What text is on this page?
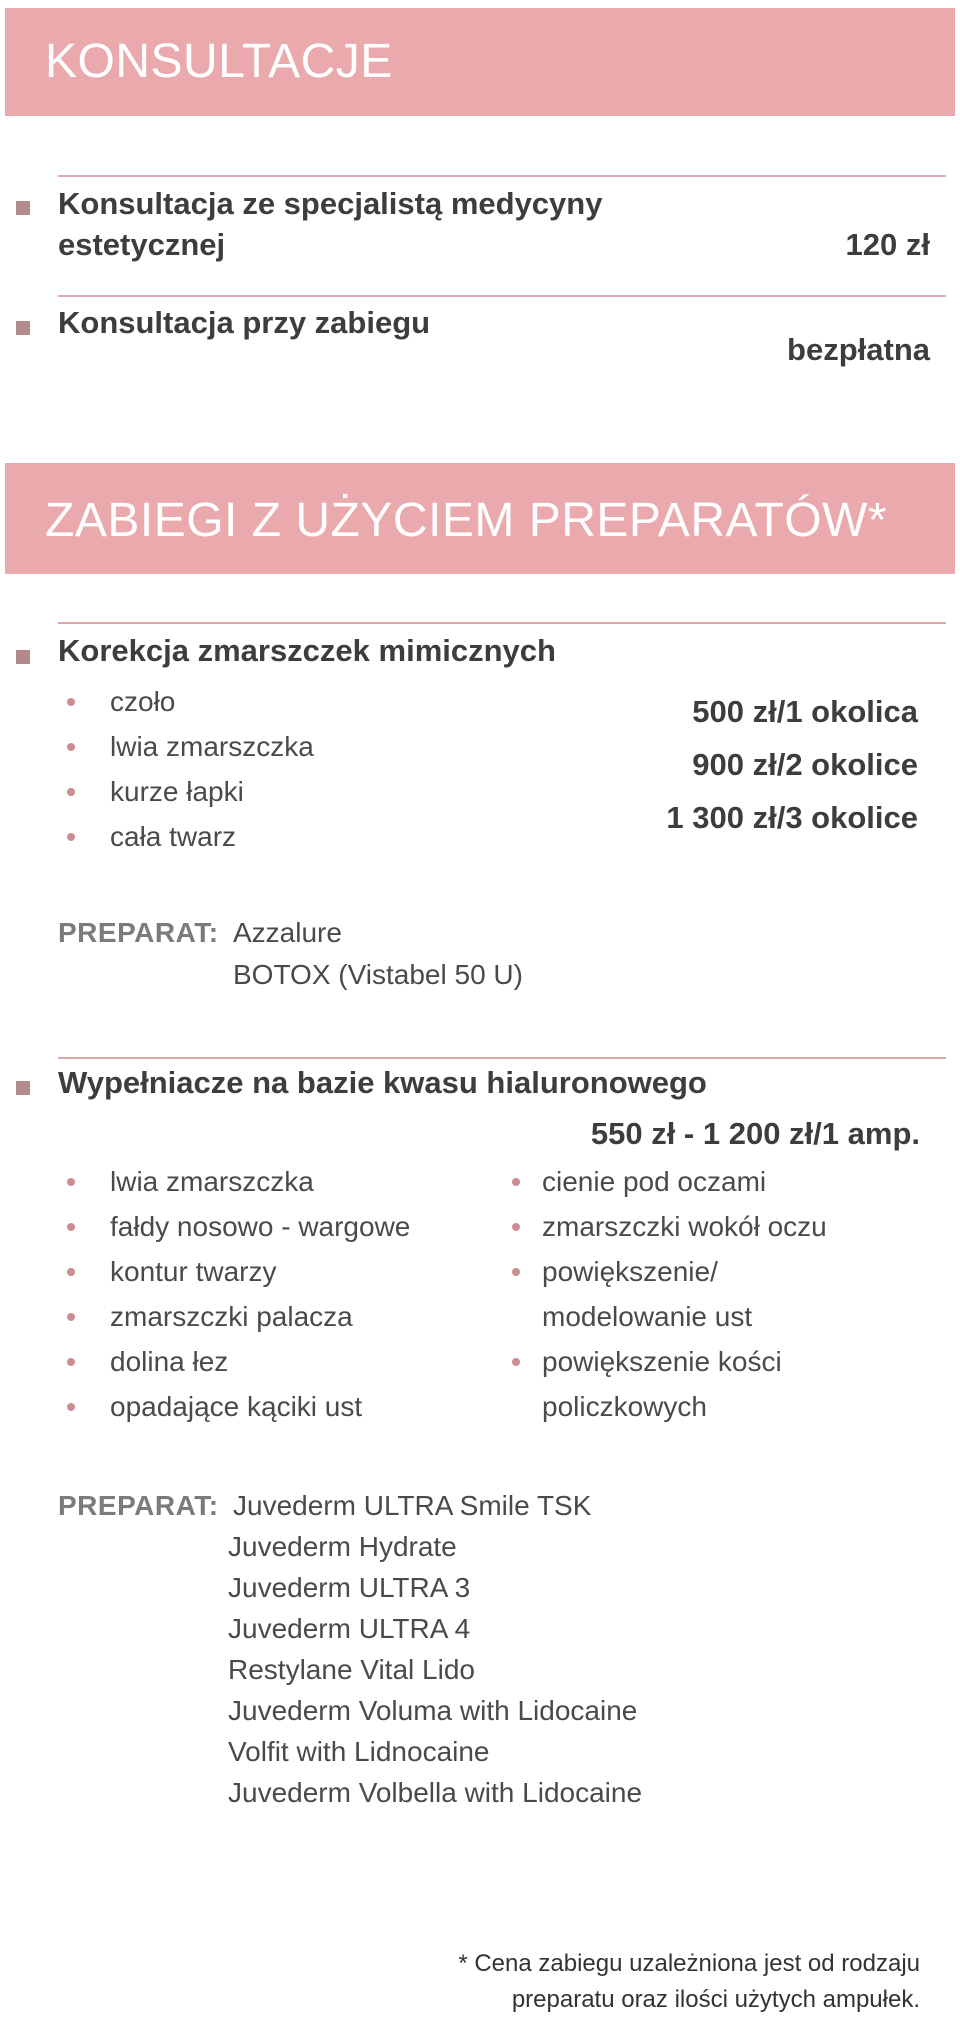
KONSULTACJE
Konsultacja ze specjalistą medycyny
estetycznej	120 zł
Konsultacja przy zabiegu
bezpłatna
ZABIEGI Z UŻYCIEM PREPARATÓW*
Korekcja zmarszczek mimicznych
czoło
lwia zmarszczka
kurze łapki
cała twarz
500 zł/1 okolica
900 zł/2 okolice
1 300 zł/3 okolice
PREPARAT: Azzalure
BOTOX (Vistabel 50 U)
Wypełniacze na bazie kwasu hialuronowego
550 zł - 1 200 zł/1 amp.
lwia zmarszczka
fałdy nosowo - wargowe
kontur twarzy
zmarszczki palacza
dolina łez
opadające kąciki ust
cienie pod oczami
zmarszczki wokół oczu
powiększenie/
modelowanie ust
powiększenie kości
policzkowych
PREPARAT: Juvederm ULTRA Smile TSK
Juvederm Hydrate
Juvederm ULTRA 3
Juvederm ULTRA 4
Restylane Vital Lido
Juvederm Voluma with Lidocaine
Volfit with Lidnocaine
Juvederm Volbella with Lidocaine
* Cena zabiegu uzależniona jest od rodzaju
preparatu oraz ilości użytych ampułek.
